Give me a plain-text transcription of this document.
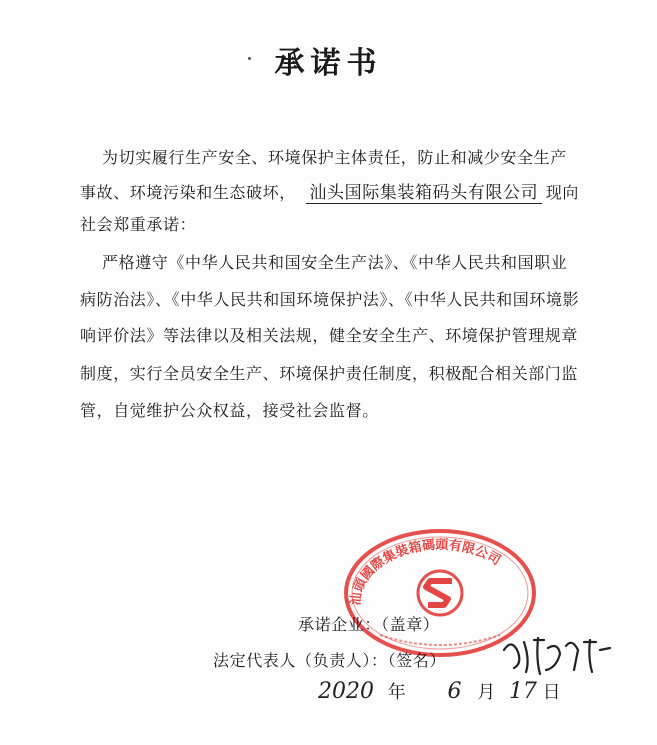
承诺书
为切实履行生产安全、环境保护主体责任，防止和减少安全生产
事故、环境污染和生态破坏， 汕头国际集装箱码头有限公司 现向
社会郑重承诺：
严格遵守《中华人民共和国安全生产法》、《中华人民共和国职业
病防治法》、《中华人民共和国环境保护法》、《中华人民共和国环境影
响评价法》等法律以及相关法规，健全安全生产、环境保护管理规章
制度，实行全员安全生产、环境保护责任制度，积极配合相关部门监
管，自觉维护公众权益，接受社会监督。
汕頭國際集裝箱碼頭有限公司
承诺企业：（盖章）
法定代表人（负责人）：（签名）
2020 年 6 月 17 日
